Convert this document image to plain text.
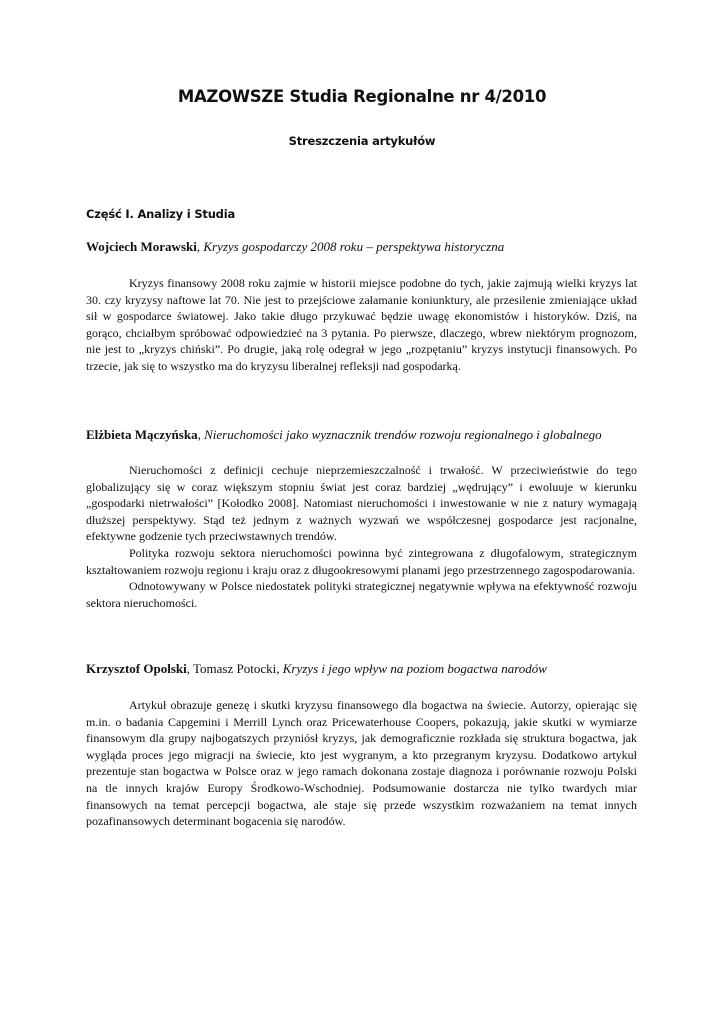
MAZOWSZE Studia Regionalne nr 4/2010
Streszczenia artykułów
Część I. Analizy i Studia
Wojciech Morawski, Kryzys gospodarczy 2008 roku – perspektywa historyczna

Kryzys finansowy 2008 roku zajmie w historii miejsce podobne do tych, jakie zajmują wielki kryzys lat 30. czy kryzysy naftowe lat 70. Nie jest to przejściowe załamanie koniunktury, ale przesilenie zmieniające układ sił w gospodarce światowej. Jako takie długo przykuwać będzie uwagę ekonomistów i historyków. Dziś, na gorąco, chciałbym spróbować odpowiedzieć na 3 pytania. Po pierwsze, dlaczego, wbrew niektórym prognozom, nie jest to „kryzys chiński”. Po drugie, jaką rolę odegrał w jego „rozpętaniu” kryzys instytucji finansowych. Po trzecie, jak się to wszystko ma do kryzysu liberalnej refleksji nad gospodarką.

Elżbieta Mączyńska, Nieruchomości jako wyznacznik trendów rozwoju regionalnego i globalnego

Nieruchomości z definicji cechuje nieprzemieszczalność i trwałość. W przeciwieństwie do tego globalizujący się w coraz większym stopniu świat jest coraz bardziej „wędrujący” i ewoluuje w kierunku „gospodarki nietrwałości” [Kołodko 2008]. Natomiast nieruchomości i inwestowanie w nie z natury wymagają dłuższej perspektywy. Stąd też jednym z ważnych wyzwań we współczesnej gospodarce jest racjonalne, efektywne godzenie tych przeciwstawnych trendów.

Polityka rozwoju sektora nieruchomości powinna być zintegrowana z długofalowym, strategicznym kształtowaniem rozwoju regionu i kraju oraz z długookresowymi planami jego przestrzennego zagospodarowania.

Odnotowywany w Polsce niedostatek polityki strategicznej negatywnie wpływa na efektywność rozwoju sektora nieruchomości.

Krzysztof Opolski, Tomasz Potocki, Kryzys i jego wpływ na poziom bogactwa narodów

Artykuł obrazuje genezę i skutki kryzysu finansowego dla bogactwa na świecie. Autorzy, opierając się m.in. o badania Capgemini i Merrill Lynch oraz Pricewaterhouse Coopers, pokazują, jakie skutki w wymiarze finansowym dla grupy najbogatszych przyniósł kryzys, jak demograficznie rozkłada się struktura bogactwa, jak wygląda proces jego migracji na świecie, kto jest wygranym, a kto przegranym kryzysu. Dodatkowo artykuł prezentuje stan bogactwa w Polsce oraz w jego ramach dokonana zostaje diagnoza i porównanie rozwoju Polski na tle innych krajów Europy Środkowo-Wschodniej. Podsumowanie dostarcza nie tylko twardych miar finansowych na temat percepcji bogactwa, ale staje się przede wszystkim rozważaniem na temat innych pozafinansowych determinant bogacenia się narodów.
